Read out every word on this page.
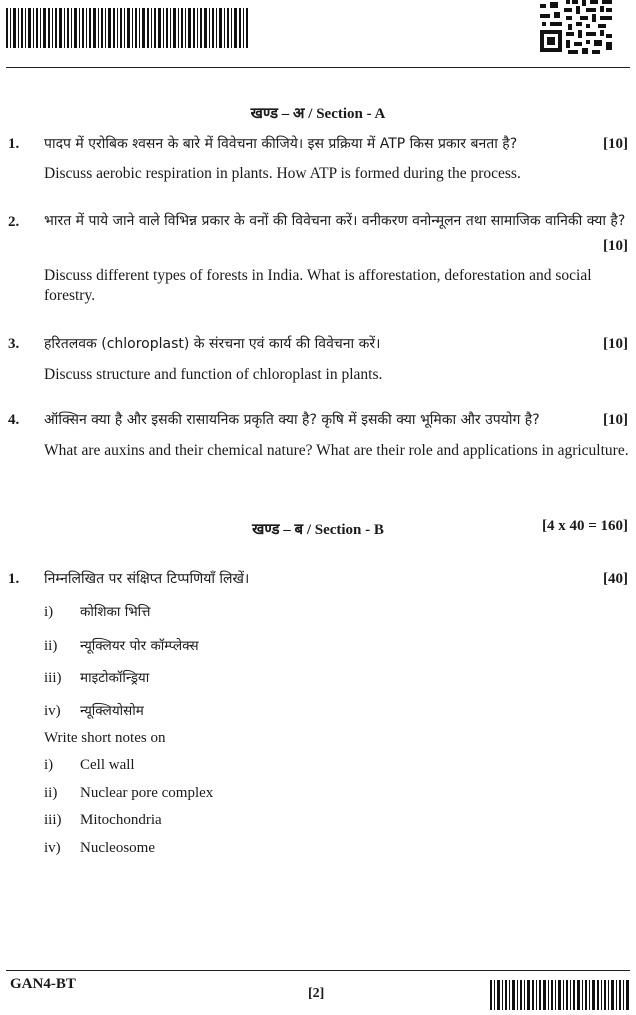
खण्ड – अ / Section - A
1. पादप में एरोबिक श्वसन के बारे में विवेचना कीजिये। इस प्रक्रिया में ATP किस प्रकार बनता है?	[10]
Discuss aerobic respiration in plants. How ATP is formed during the process.
2. भारत में पाये जाने वाले विभिन्न प्रकार के वनों की विवेचना करें। वनीकरण वनोन्मूलन तथा सामाजिक वानिकी क्या है?
[10]
Discuss different types of forests in India. What is afforestation, deforestation and social forestry.
3. हरितलवक (chloroplast) के संरचना एवं कार्य की विवेचना करें।	[10]
Discuss structure and function of chloroplast in plants.
4. ऑक्सिन क्या है और इसकी रासायनिक प्रकृति क्या है? कृषि में इसकी क्या भूमिका और उपयोग है?	[10]
What are auxins and their chemical nature? What are their role and applications in agriculture.
खण्ड – ब / Section - B	[4 x 40 = 160]
1. निम्नलिखित पर संक्षिप्त टिप्पणियाँ लिखें।	[40]
i) कोशिका भित्ति
ii) न्यूक्लियर पोर कॉम्प्लेक्स
iii) माइटोकॉन्ड्रिया
iv) न्यूक्लियोसोम
Write short notes on
i) Cell wall
ii) Nuclear pore complex
iii) Mitochondria
iv) Nucleosome
GAN4-BT
[2]
